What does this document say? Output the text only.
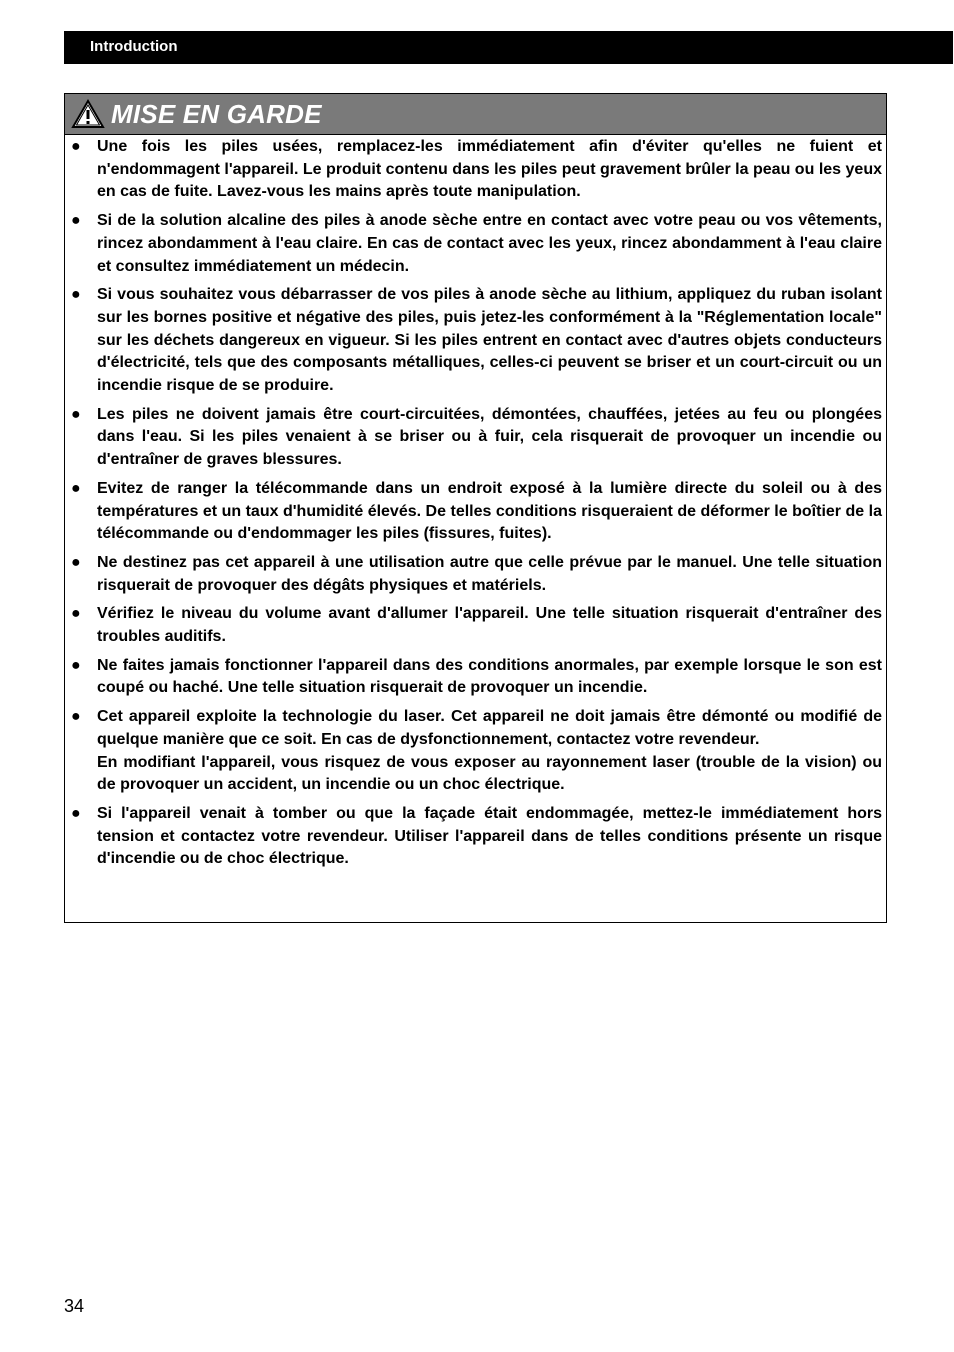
Introduction
MISE EN GARDE
●	Une fois les piles usées, remplacez-les immédiatement afin d'éviter qu'elles ne fuient et n'endommagent l'appareil. Le produit contenu dans les piles peut gravement brûler la peau ou les yeux en cas de fuite. Lavez-vous les mains après toute manipulation.

●	Si de la solution alcaline des piles à anode sèche entre en contact avec votre peau ou vos vêtements, rincez abondamment à l'eau claire. En cas de contact avec les yeux, rincez abondamment à l'eau claire et consultez immédiatement un médecin.

●	Si vous souhaitez vous débarrasser de vos piles à anode sèche au lithium, appliquez du ruban isolant sur les bornes positive et négative des piles, puis jetez-les conformément à la "Réglementation locale" sur les déchets dangereux en vigueur. Si les piles entrent en contact avec d'autres objets conducteurs d'électricité, tels que des composants métalliques, celles-ci peuvent se briser et un court-circuit ou un incendie risque de se produire.

●	Les piles ne doivent jamais être court-circuitées, démontées, chauffées, jetées au feu ou plongées dans l'eau. Si les piles venaient à se briser ou à fuir, cela risquerait de provoquer un incendie ou d'entraîner de graves blessures.

●	Evitez de ranger la télécommande dans un endroit exposé à la lumière directe du soleil ou à des températures et un taux d'humidité élevés. De telles conditions risqueraient de déformer le boîtier de la télécommande ou d'endommager les piles (fissures, fuites).

●	Ne destinez pas cet appareil à une utilisation autre que celle prévue par le manuel. Une telle situation risquerait de provoquer des dégâts physiques et matériels.

●	Vérifiez le niveau du volume avant d'allumer l'appareil. Une telle situation risquerait d'entraîner des troubles auditifs.

●	Ne faites jamais fonctionner l'appareil dans des conditions anormales, par exemple lorsque le son est coupé ou haché. Une telle situation risquerait de provoquer un incendie.

●	Cet appareil exploite la technologie du laser. Cet appareil ne doit jamais être démonté ou modifié de quelque manière que ce soit. En cas de dysfonctionnement, contactez votre revendeur.

En modifiant l'appareil, vous risquez de vous exposer au rayonnement laser (trouble de la vision) ou de provoquer un accident, un incendie ou un choc électrique.

●	Si l'appareil venait à tomber ou que la façade était endommagée, mettez-le immédiatement hors tension et contactez votre revendeur. Utiliser l'appareil dans de telles conditions présente un risque d'incendie ou de choc électrique.

34
